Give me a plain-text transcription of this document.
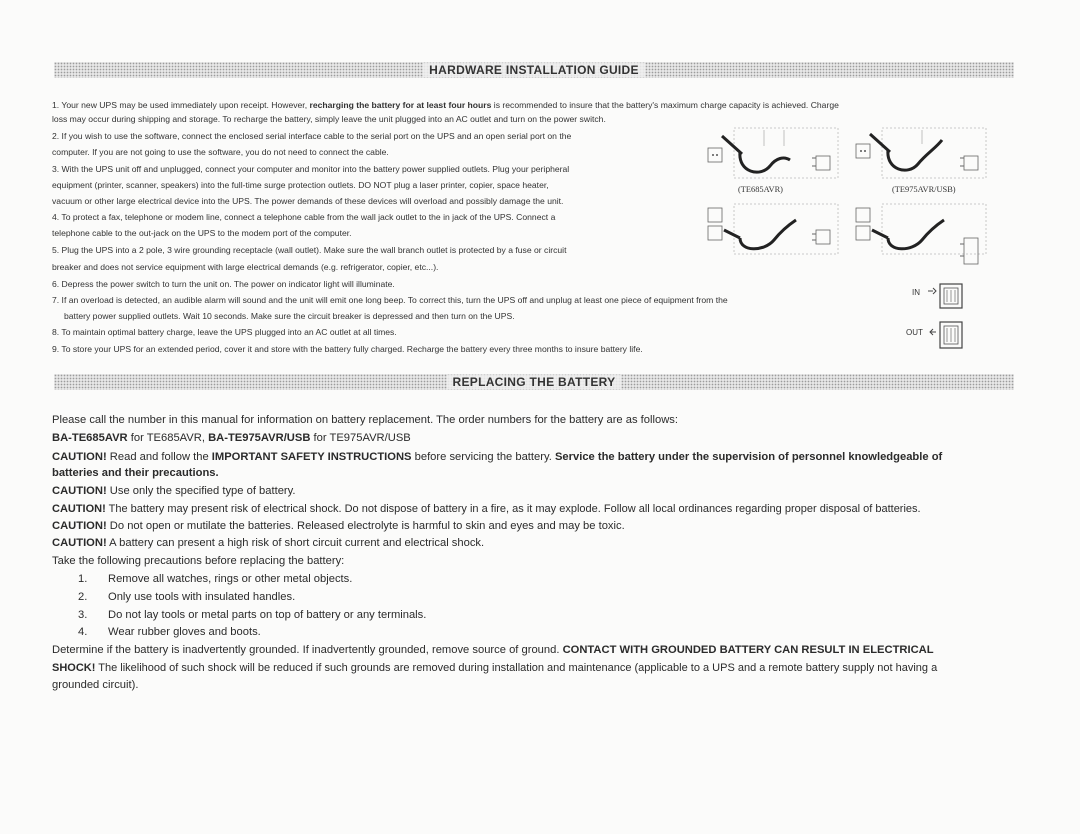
HARDWARE INSTALLATION GUIDE
1. Your new UPS may be used immediately upon receipt. However, recharging the battery for at least four hours is recommended to insure that the battery's maximum charge capacity is achieved. Charge
loss may occur during shipping and storage. To recharge the battery, simply leave the unit plugged into an AC outlet and turn on the power switch.
2. If you wish to use the software, connect the enclosed serial interface cable to the serial port on the UPS and an open serial port on the
computer. If you are not going to use the software, you do not need to connect the cable.
3. With the UPS unit off and unplugged, connect your computer and monitor into the battery power supplied outlets. Plug your peripheral
equipment (printer, scanner, speakers) into the full-time surge protection outlets. DO NOT plug a laser printer, copier, space heater,
vacuum or other large electrical device into the UPS. The power demands of these devices will overload and possibly damage the unit.
4. To protect a fax, telephone or modem line, connect a telephone cable from the wall jack outlet to the in jack of the UPS. Connect a
telephone cable to the out-jack on the UPS to the modem port of the computer.
5. Plug the UPS into a 2 pole, 3 wire grounding receptacle (wall outlet). Make sure the wall branch outlet is protected by a fuse or circuit
breaker and does not service equipment with large electrical demands (e.g. refrigerator, copier, etc...).
6. Depress the power switch to turn the unit on. The power on indicator light will illuminate.
7. If an overload is detected, an audible alarm will sound and the unit will emit one long beep. To correct this, turn the UPS off and unplug at least one piece of equipment from the
battery power supplied outlets. Wait 10 seconds. Make sure the circuit breaker is depressed and then turn on the UPS.
8. To maintain optimal battery charge, leave the UPS plugged into an AC outlet at all times.
9. To store your UPS for an extended period, cover it and store with the battery fully charged. Recharge the battery every three months to insure battery life.
(TE685AVR)	(TE975AVR/USB)
IN
OUT
REPLACING THE BATTERY
Please call the number in this manual for information on battery replacement. The order numbers for the battery are as follows:
BA-TE685AVR for TE685AVR, BA-TE975AVR/USB for TE975AVR/USB
CAUTION! Read and follow the IMPORTANT SAFETY INSTRUCTIONS before servicing the battery. Service the battery under the supervision of personnel knowledgeable of
batteries and their precautions.
CAUTION! Use only the specified type of battery.
CAUTION! The battery may present risk of electrical shock. Do not dispose of battery in a fire, as it may explode. Follow all local ordinances regarding proper disposal of batteries.
CAUTION! Do not open or mutilate the batteries. Released electrolyte is harmful to skin and eyes and may be toxic.
CAUTION! A battery can present a high risk of short circuit current and electrical shock.
Take the following precautions before replacing the battery:
1. Remove all watches, rings or other metal objects.
2. Only use tools with insulated handles.
3. Do not lay tools or metal parts on top of battery or any terminals.
4. Wear rubber gloves and boots.
Determine if the battery is inadvertently grounded. If inadvertently grounded, remove source of ground. CONTACT WITH GROUNDED BATTERY CAN RESULT IN ELECTRICAL
SHOCK! The likelihood of such shock will be reduced if such grounds are removed during installation and maintenance (applicable to a UPS and a remote battery supply not having a
grounded circuit).
